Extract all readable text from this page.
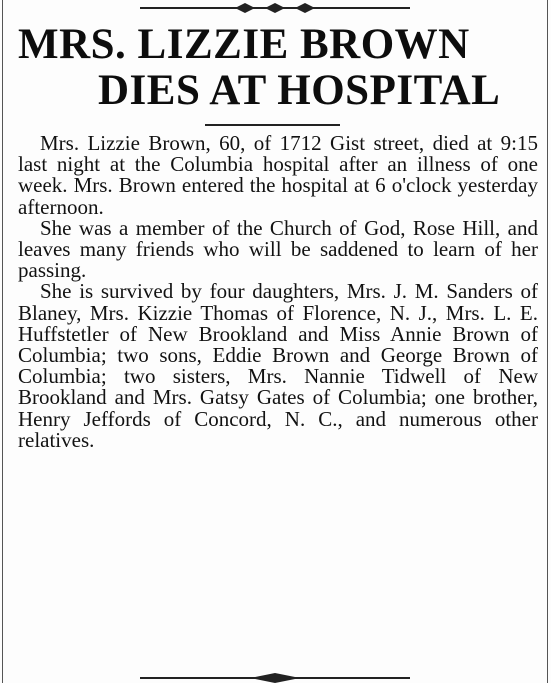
MRS. LIZZIE BROWN
DIES AT HOSPITAL

Mrs. Lizzie Brown, 60, of 1712 Gist street, died at 9:15 last night at the Columbia hospital after an illness of one week. Mrs. Brown entered the hospital at 6 o'clock yesterday afternoon.

She was a member of the Church of God, Rose Hill, and leaves many friends who will be saddened to learn of her passing.

She is survived by four daughters, Mrs. J. M. Sanders of Blaney, Mrs. Kizzie Thomas of Florence, N. J., Mrs. L. E. Huffstetler of New Brookland and Miss Annie Brown of Columbia; two sons, Eddie Brown and George Brown of Columbia; two sisters, Mrs. Nannie Tidwell of New Brookland and Mrs. Gatsy Gates of Columbia; one brother, Henry Jeffords of Concord, N. C., and numerous other relatives.
